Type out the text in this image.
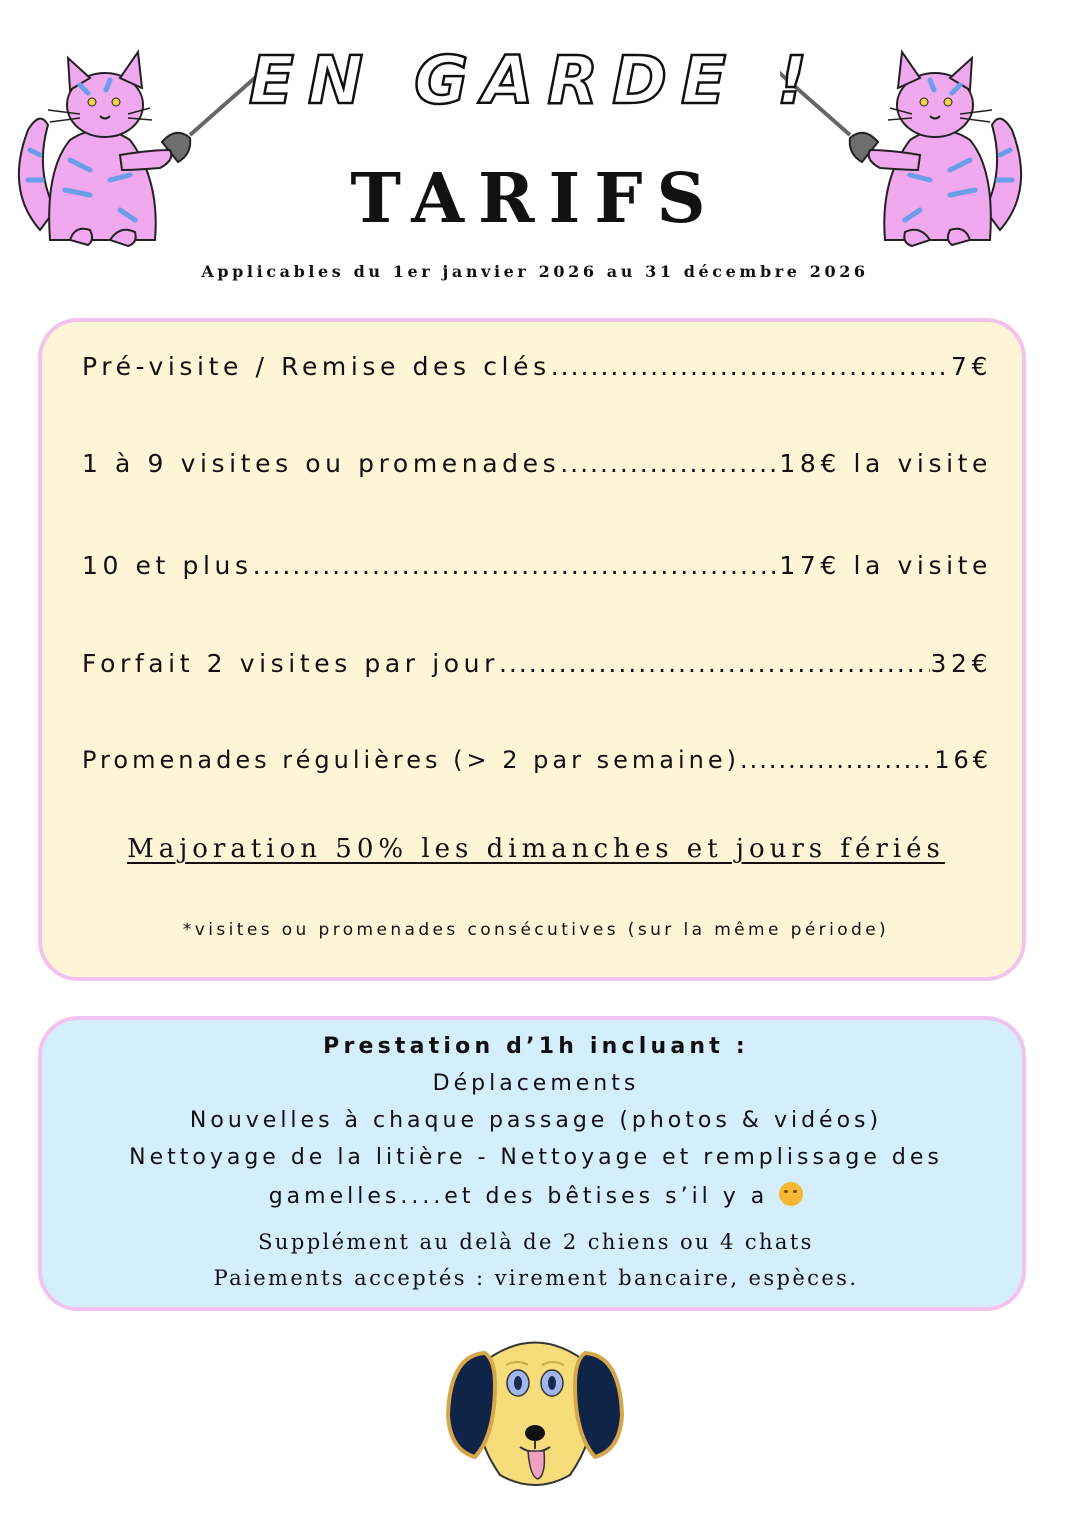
EN GARDE !
TARIFS
Applicables du 1er janvier 2026 au 31 décembre 2026
Pré-visite / Remise des clés .....	7€
1 à 9 visites ou promenades .....	18€ la visite
10 et plus .....	17€ la visite
Forfait 2 visites par jour .....	32€
Promenades régulières (> 2 par semaine) .....	16€
Majoration 50% les dimanches et jours fériés
*visites ou promenades consécutives (sur la même période)
Prestation d’1h incluant :
Déplacements
Nouvelles à chaque passage (photos & vidéos)
Nettoyage de la litière - Nettoyage et remplissage des
gamelles....et des bêtises s’il y a
Supplément au delà de 2 chiens ou 4 chats
Paiements acceptés : virement bancaire, espèces.
